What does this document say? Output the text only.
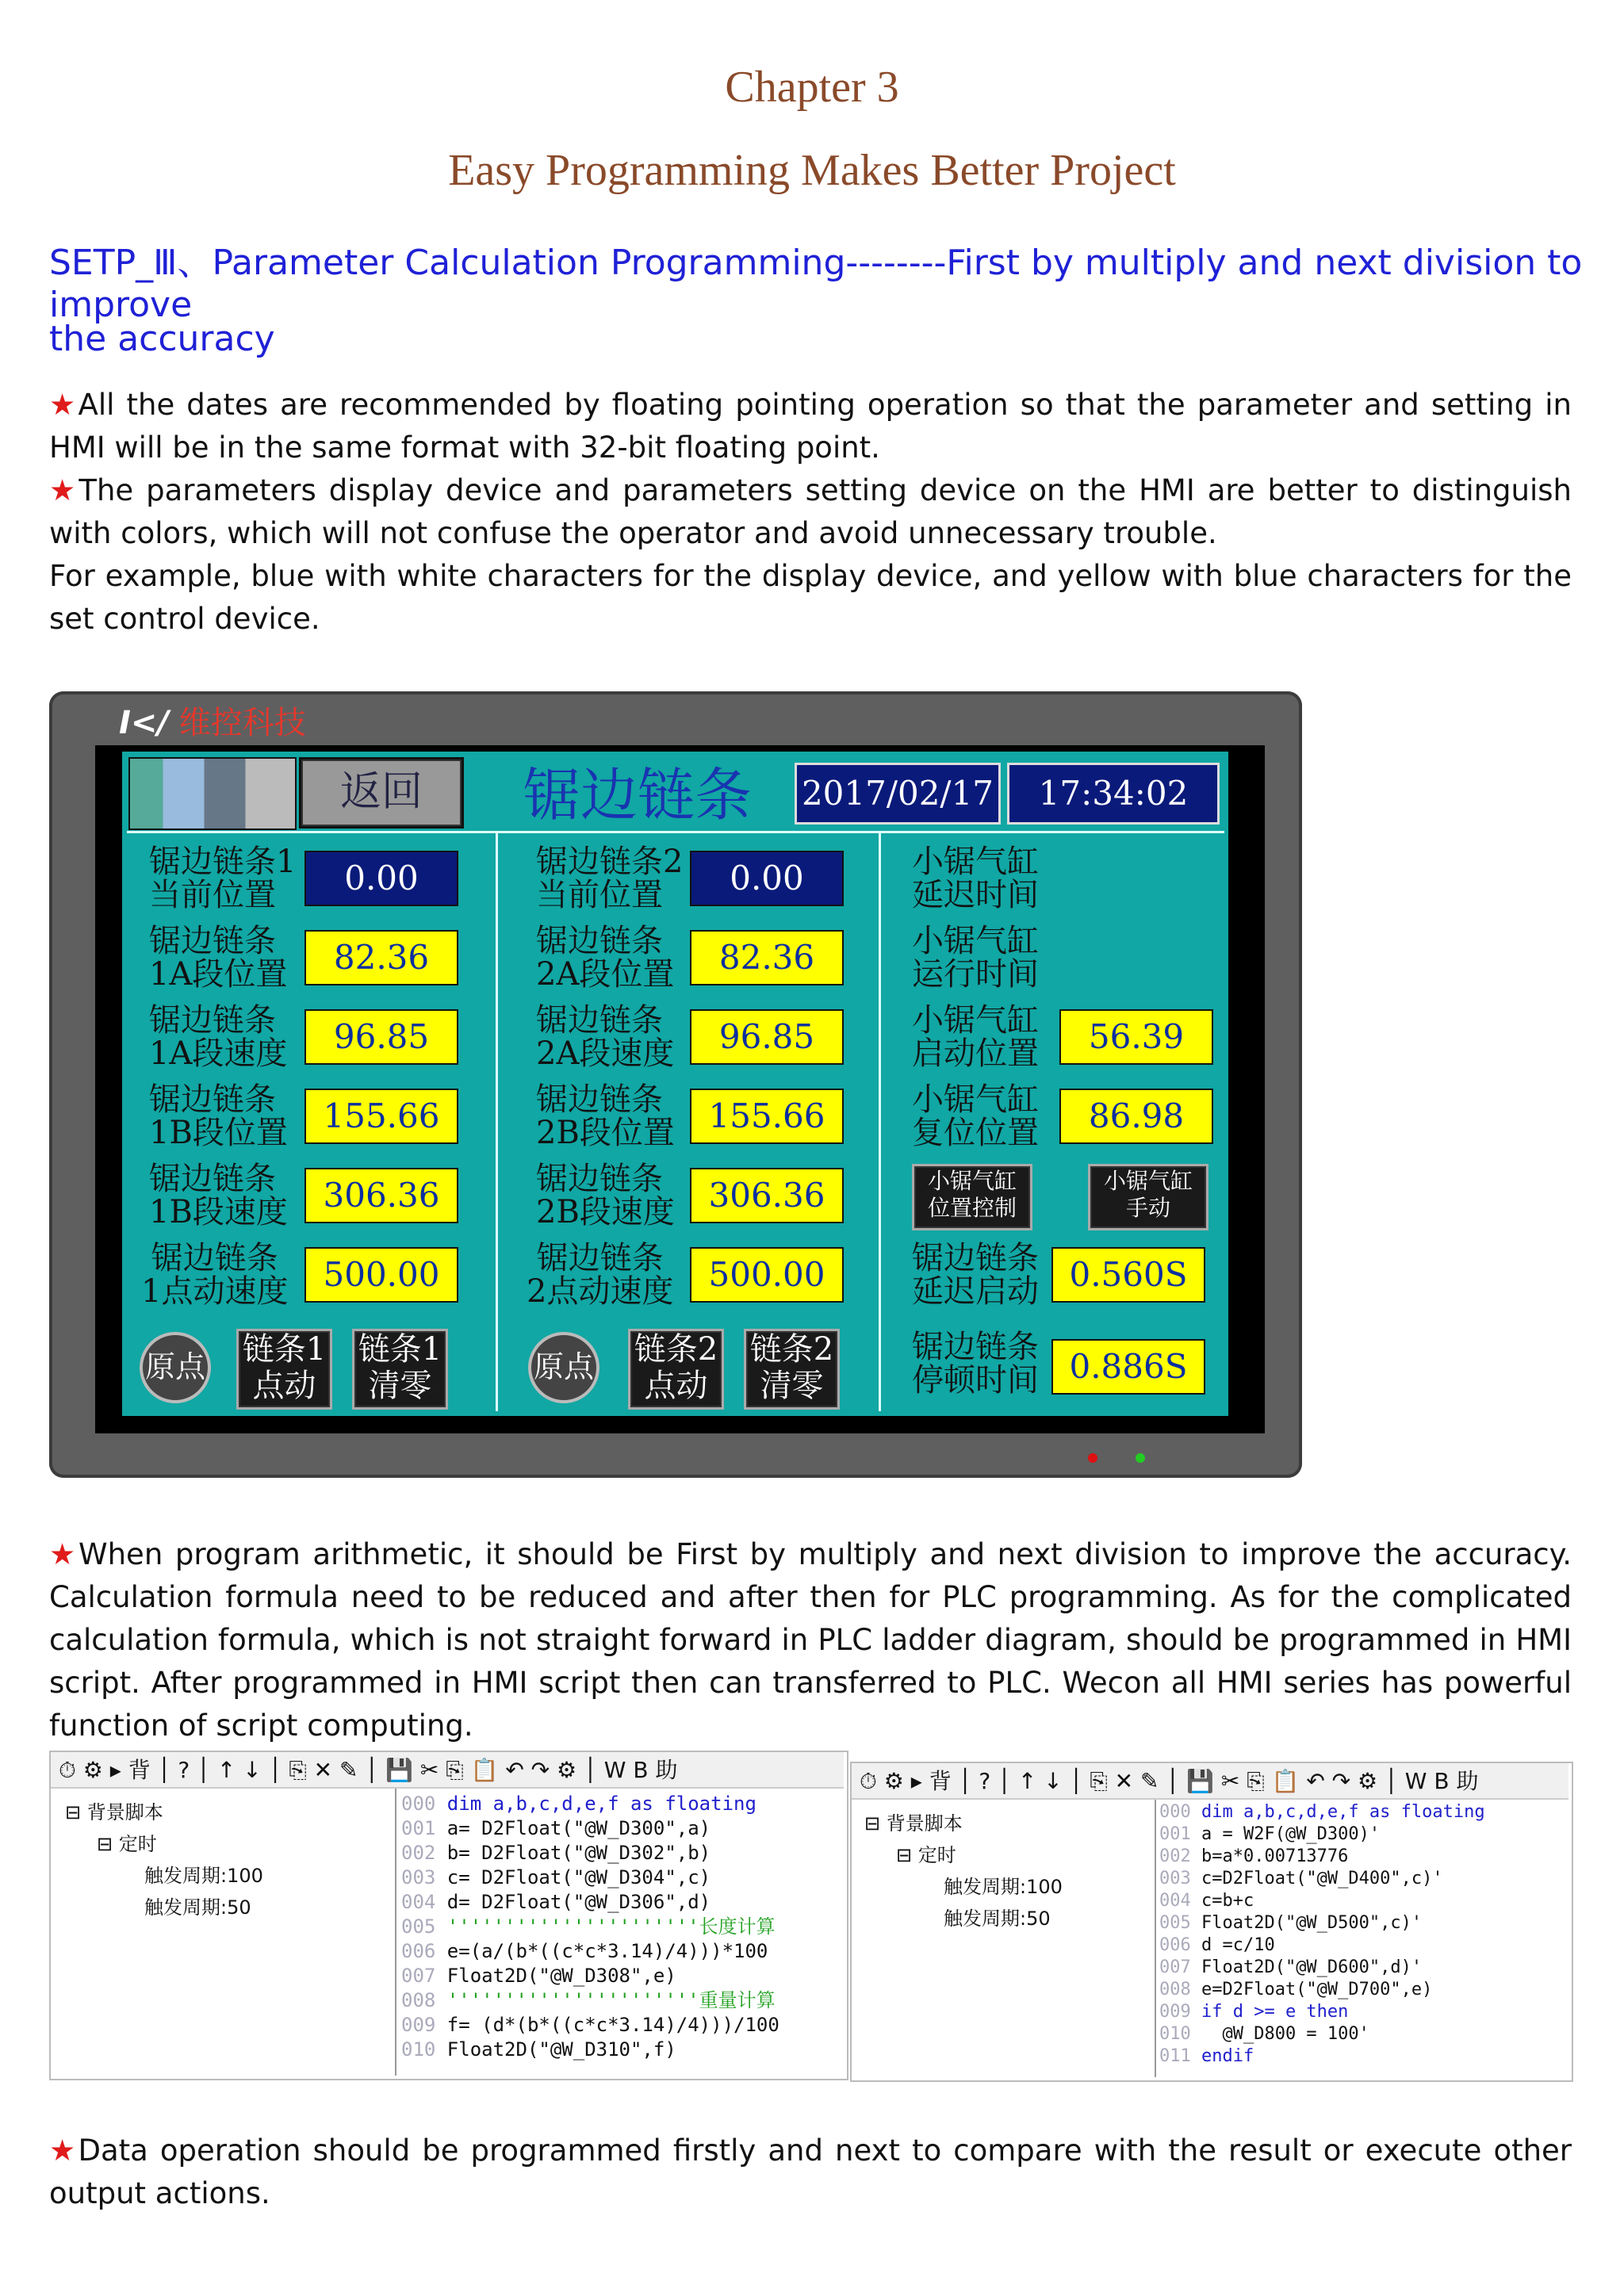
Chapter 3
Easy Programming Makes Better Project
SETP_Ⅲ、Parameter Calculation Programming--------First by multiply and next division to improve
the accuracy
★All the dates are recommended by floating pointing operation so that the parameter and setting in HMI will be in the same format with 32-bit floating point.
★The parameters display device and parameters setting device on the HMI are better to distinguish with colors, which will not confuse the operator and avoid unnecessary trouble.
For example, blue with white characters for the display device, and yellow with blue characters for the set control device.
I</ 维控科技
返回	锯边链条 2017/02/17	17:34:02
锯边链条1
当前位置	0.00
锯边链条
1A段位置	82.36
锯边链条
1A段速度	96.85
锯边链条
1B段位置	155.66
锯边链条
1B段速度	306.36
锯边链条
1点动速度	500.00
原点 链条1
点动
链条1
清零
锯边链条2
当前位置	0.00
锯边链条
2A段位置	82.36
锯边链条
2A段速度	96.85
锯边链条
2B段位置	155.66
锯边链条
2B段速度	306.36
锯边链条
2点动速度	500.00
原点 链条2
点动
链条2
清零
小锯气缸
延迟时间
小锯气缸
运行时间
小锯气缸
启动位置	56.39
小锯气缸
复位位置	86.98
小锯气缸
位置控制
小锯气缸
手动
锯边链条
延迟启动 0.560S
锯边链条
停顿时间 0.886S
★When program arithmetic, it should be First by multiply and next division to improve the accuracy. Calculation formula need to be reduced and after then for PLC programming. As for the complicated calculation formula, which is not straight forward in PLC ladder diagram, should be programmed in HMI script. After programmed in HMI script then can transferred to PLC. Wecon all HMI series has powerful function of script computing.
⏱ ⚙ ▸ 背 │ ? │ ↑ ↓ │ ⎘ ✕ ✎ │ 💾 ✂ ⎘ 📋 ↶ ↷ ⚙ │ W B 助
⊟ 背景脚本
⊟ 定时
触发周期:100
触发周期:50
000 dim a,b,c,d,e,f as floating
001 a= D2Float("@W_D300",a)
002 b= D2Float("@W_D302",b)
003 c= D2Float("@W_D304",c)
004 d= D2Float("@W_D306",d)
005 ''''''''''''''''''''''长度计算
006 e=(a/(b*((c*c*3.14)/4)))*100
007 Float2D("@W_D308",e)
008 ''''''''''''''''''''''重量计算
009 f= (d*(b*((c*c*3.14)/4)))/100
010 Float2D("@W_D310",f)
⏱ ⚙ ▸ 背 │ ? │ ↑ ↓ │ ⎘ ✕ ✎ │ 💾 ✂ ⎘ 📋 ↶ ↷ ⚙ │ W B 助
⊟ 背景脚本
⊟ 定时
触发周期:100
触发周期:50
000 dim a,b,c,d,e,f as floating
001 a = W2F(@W_D300)'
002 b=a*0.00713776
003 c=D2Float("@W_D400",c)'
004 c=b+c
005 Float2D("@W_D500",c)'
006 d =c/10
007 Float2D("@W_D600",d)'
008 e=D2Float("@W_D700",e)
009 if d >= e then
010   @W_D800 = 100'
011 endif
★Data operation should be programmed firstly and next to compare with the result or execute other output actions.
